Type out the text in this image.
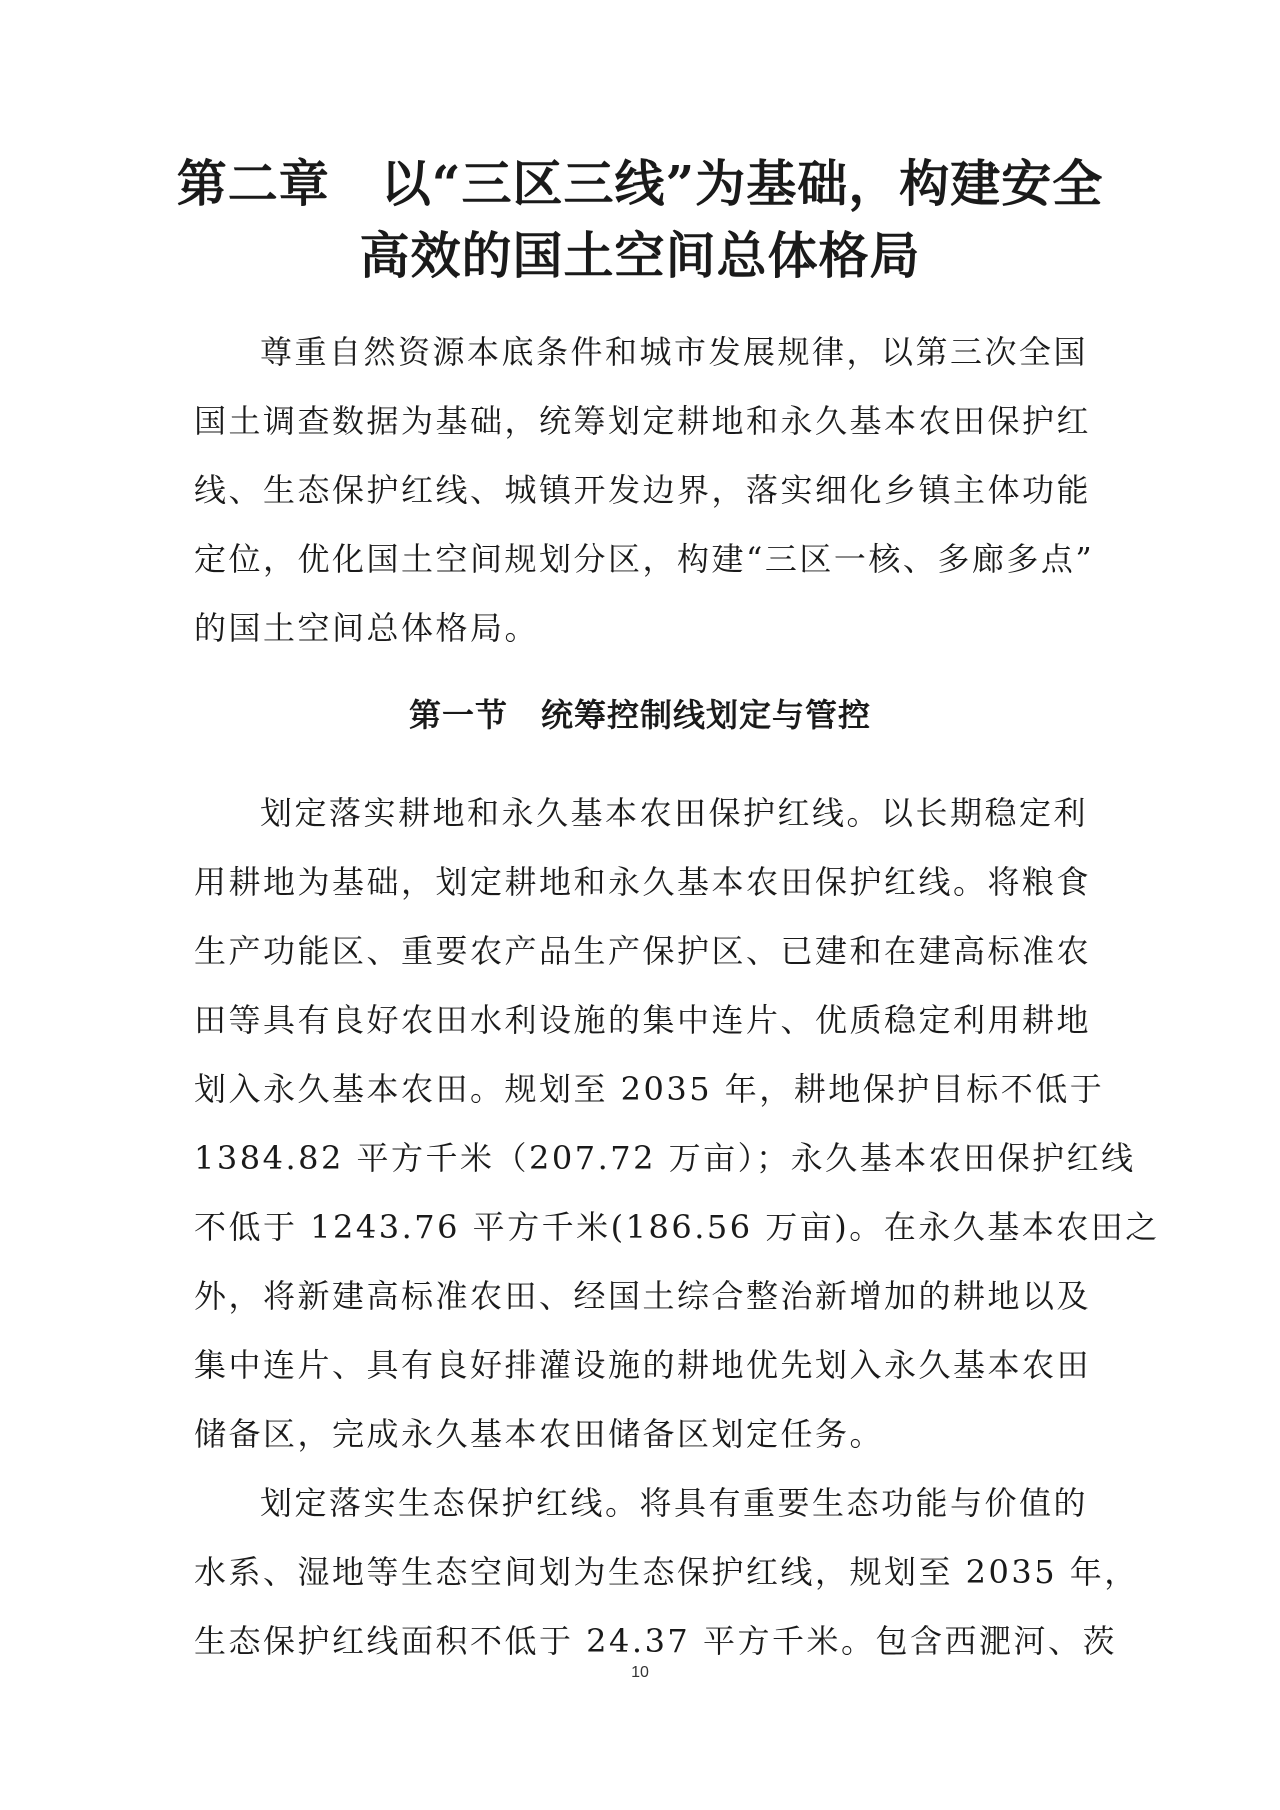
第二章　以“三区三线”为基础，构建安全
高效的国土空间总体格局

尊重自然资源本底条件和城市发展规律，以第三次全国
国土调查数据为基础，统筹划定耕地和永久基本农田保护红
线、生态保护红线、城镇开发边界，落实细化乡镇主体功能
定位，优化国土空间规划分区，构建“三区一核、多廊多点”
的国土空间总体格局。

第一节　统筹控制线划定与管控

划定落实耕地和永久基本农田保护红线。以长期稳定利
用耕地为基础，划定耕地和永久基本农田保护红线。将粮食
生产功能区、重要农产品生产保护区、已建和在建高标准农
田等具有良好农田水利设施的集中连片、优质稳定利用耕地
划入永久基本农田。规划至 2035 年，耕地保护目标不低于
1384.82 平方千米（207.72 万亩）；永久基本农田保护红线
不低于 1243.76 平方千米(186.56 万亩)。在永久基本农田之
外，将新建高标准农田、经国土综合整治新增加的耕地以及
集中连片、具有良好排灌设施的耕地优先划入永久基本农田
储备区，完成永久基本农田储备区划定任务。

划定落实生态保护红线。将具有重要生态功能与价值的
水系、湿地等生态空间划为生态保护红线，规划至 2035 年，
生态保护红线面积不低于 24.37 平方千米。包含西淝河、茨

10
